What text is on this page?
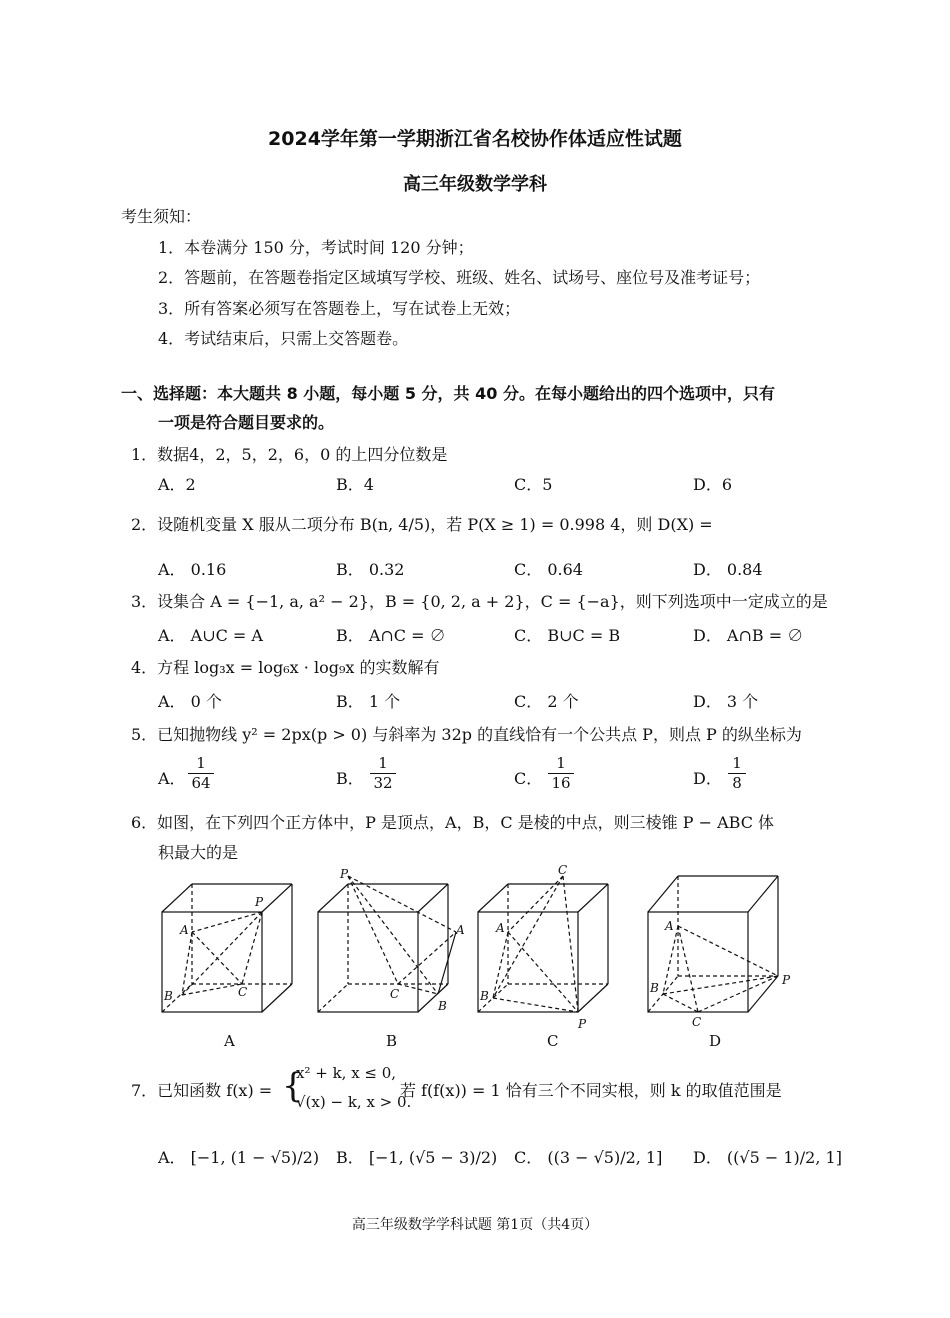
2024学年第一学期浙江省名校协作体适应性试题
高三年级数学学科
考生须知：
1．本卷满分 150 分，考试时间 120 分钟；
2．答题前，在答题卷指定区域填写学校、班级、姓名、试场号、座位号及准考证号；
3．所有答案必须写在答题卷上，写在试卷上无效；
4．考试结束后，只需上交答题卷。
一、选择题：本大题共 8 小题，每小题 5 分，共 40 分。在每小题给出的四个选项中，只有
一项是符合题目要求的。
1．数据4，2，5，2，6，0 的上四分位数是
A．2	B．4	C．5	D．6
2．设随机变量 X 服从二项分布 B(n, 4/5)，若 P(X ≥ 1) = 0.998 4，则 D(X) =
A． 0.16	B． 0.32	C． 0.64	D． 0.84
3．设集合 A = {−1, a, a² − 2}，B = {0, 2, a + 2}，C = {−a}，则下列选项中一定成立的是
A． A∪C = A	B． A∩C = ∅	C． B∪C = B	D． A∩B = ∅
4．方程 log₃x = log₆x · log₉x 的实数解有
A． 0 个	B． 1 个	C． 2 个	D． 3 个
5．已知抛物线 y² = 2px(p > 0) 与斜率为 32p 的直线恰有一个公共点 P，则点 P 的纵坐标为
A．	B．	C．	D．
$\frac{1}{64}$	$\frac{1}{32}$	$\frac{1}{16}$	$\frac{1}{8}$
6．如图，在下列四个正方体中，P 是顶点，A，B，C 是棱的中点，则三棱锥 P − ABC 体
积最大的是
P
A
B	C
P
A
B
C
C
A
B
P
A
B
P
C
A	B	C	D
7．已知函数 f(x) = {
x² + k, x ≤ 0,
√(x) − k, x > 0.
若 f(f(x)) = 1 恰有三个不同实根，则 k 的取值范围是
A． [−1, (1 − √5)/2) B． [−1, (√5 − 3)/2) C． ((3 − √5)/2, 1] D． ((√5 − 1)/2, 1]
高三年级数学学科试题 第1页（共4页）
